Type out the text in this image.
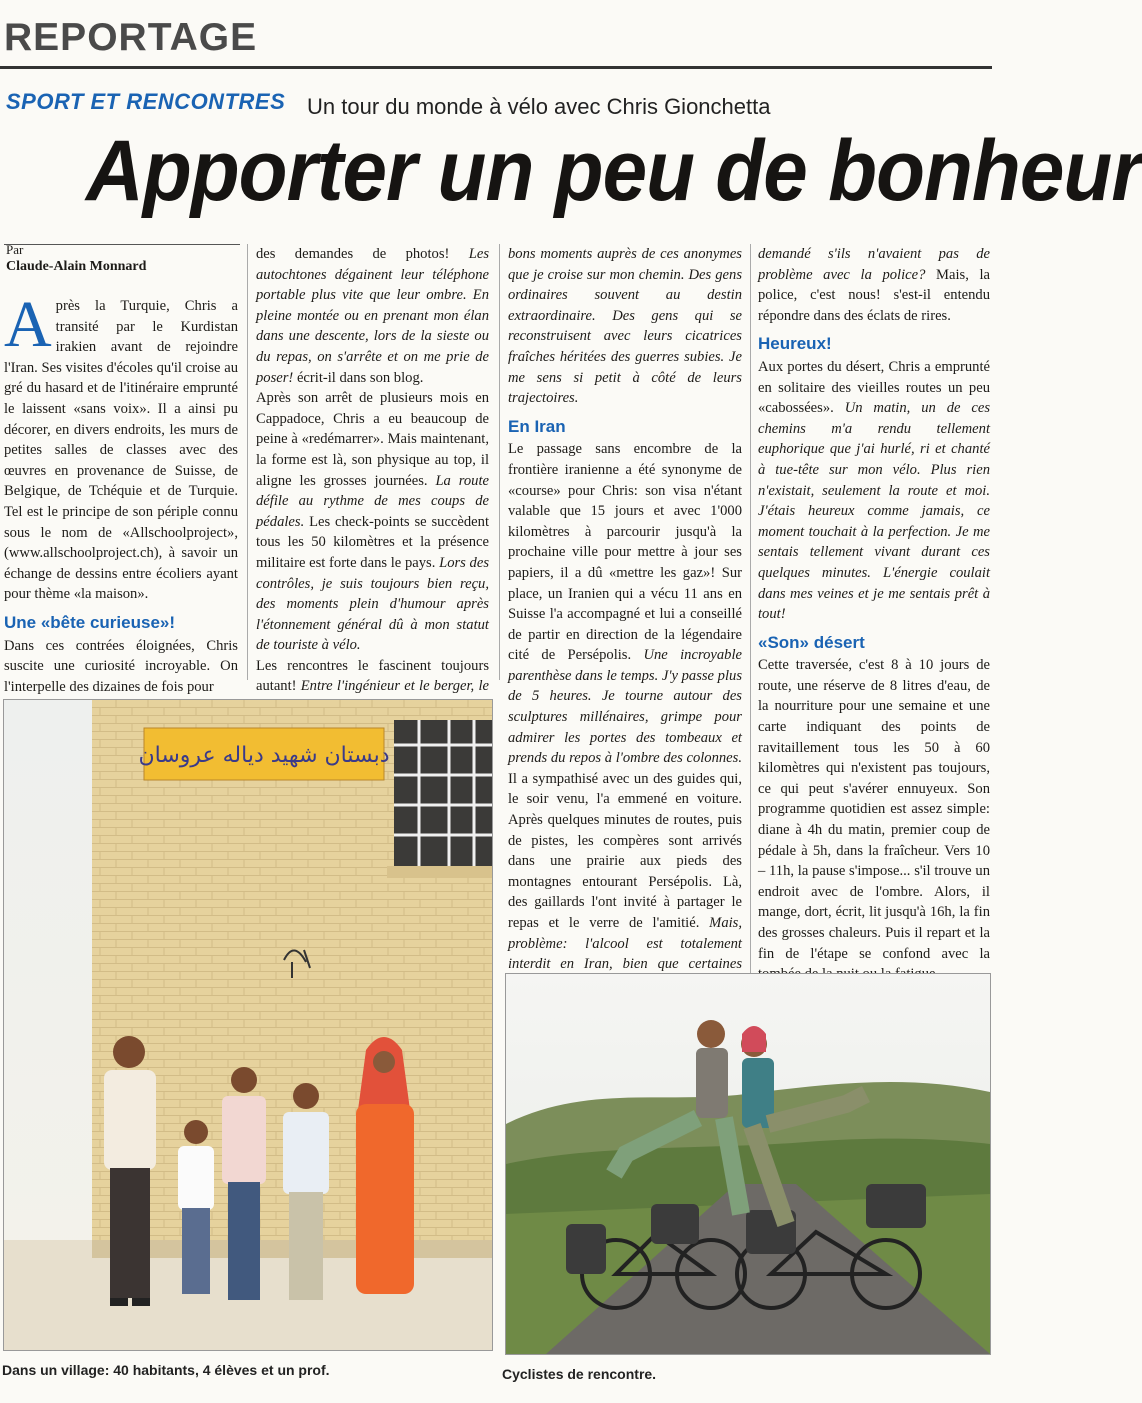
REPORTAGE
SPORT ET RENCONTRES Un tour du monde à vélo avec Chris Gionchetta
Apporter un peu de bonheur
Par
Claude-Alain Monnard

Après la Turquie, Chris a transité par le Kurdistan irakien avant de rejoindre l'Iran. Ses visites d'écoles qu'il croise au gré du hasard et de l'itinéraire emprunté le laissent «sans voix». Il a ainsi pu décorer, en divers endroits, les murs de petites salles de classes avec des œuvres en provenance de Suisse, de Belgique, de Tchéquie et de Turquie. Tel est le principe de son périple connu sous le nom de «Allschoolproject», (www.allschoolproject.ch), à savoir un échange de dessins entre écoliers ayant pour thème «la maison».

Une «bête curieuse»!

Dans ces contrées éloignées, Chris suscite une curiosité incroyable. On l'interpelle des dizaines de fois pour

des demandes de photos! Les autochtones dégainent leur téléphone portable plus vite que leur ombre. En pleine montée ou en prenant mon élan dans une descente, lors de la sieste ou du repas, on s'arrête et on me prie de poser! écrit-il dans son blog.

Après son arrêt de plusieurs mois en Cappadoce, Chris a eu beaucoup de peine à «redémarrer». Mais maintenant, la forme est là, son physique au top, il aligne les grosses journées. La route défile au rythme de mes coups de pédales. Les check-points se succèdent tous les 50 kilomètres et la présence militaire est forte dans le pays. Lors des contrôles, je suis toujours bien reçu, des moments plein d'humour après l'étonnement général dû à mon statut de touriste à vélo.

Les rencontres le fascinent toujours autant! Entre l'ingénieur et le berger, le

bons moments auprès de ces anonymes que je croise sur mon chemin. Des gens ordinaires souvent au destin extraordinaire. Des gens qui se reconstruisent avec leurs cicatrices fraîches héritées des guerres subies. Je me sens si petit à côté de leurs trajectoires.

En Iran

Le passage sans encombre de la frontière iranienne a été synonyme de «course» pour Chris: son visa n'étant valable que 15 jours et avec 1'000 kilomètres à parcourir jusqu'à la prochaine ville pour mettre à jour ses papiers, il a dû «mettre les gaz»! Sur place, un Iranien qui a vécu 11 ans en Suisse l'a accompagné et lui a conseillé de partir en direction de la légendaire cité de Persépolis. Une incroyable parenthèse dans le temps. J'y passe plus de 5 heures. Je tourne autour des sculptures millénaires, grimpe pour admirer les portes des tombeaux et prends du repos à l'ombre des colonnes. Il a sympathisé avec un des guides qui, le soir venu, l'a emmené en voiture. Après quelques minutes de routes, puis de pistes, les compères sont arrivés dans une prairie aux pieds des montagnes entourant Persépolis. Là, des gaillards l'ont invité à partager le repas et le verre de l'amitié. Mais, problème: l'alcool est totalement interdit en Iran, bien que certaines

demandé s'ils n'avaient pas de problème avec la police? Mais, la police, c'est nous! s'est-il entendu répondre dans des éclats de rires.

Heureux!

Aux portes du désert, Chris a emprunté en solitaire des vieilles routes un peu «cabossées». Un matin, un de ces chemins m'a rendu tellement euphorique que j'ai hurlé, ri et chanté à tue-tête sur mon vélo. Plus rien n'existait, seulement la route et moi. J'étais heureux comme jamais, ce moment touchait à la perfection. Je me sentais tellement vivant durant ces quelques minutes. L'énergie coulait dans mes veines et je me sentais prêt à tout!

«Son» désert

Cette traversée, c'est 8 à 10 jours de route, une réserve de 8 litres d'eau, de la nourriture pour une semaine et une carte indiquant des points de ravitaillement tous les 50 à 60 kilomètres qui n'existent pas toujours, ce qui peut s'avérer ennuyeux. Son programme quotidien est assez simple: diane à 4h du matin, premier coup de pédale à 5h, dans la fraîcheur. Vers 10 – 11h, la pause s'impose... s'il trouve un endroit avec de l'ombre. Alors, il mange, dort, écrit, lit jusqu'à 16h, la fin des grosses chaleurs. Puis il repart et la fin de l'étape se confond avec la

دبستان شهید دیاله عروسان
Dans un village: 40 habitants, 4 élèves et un prof.	Cyclistes de rencontre.
